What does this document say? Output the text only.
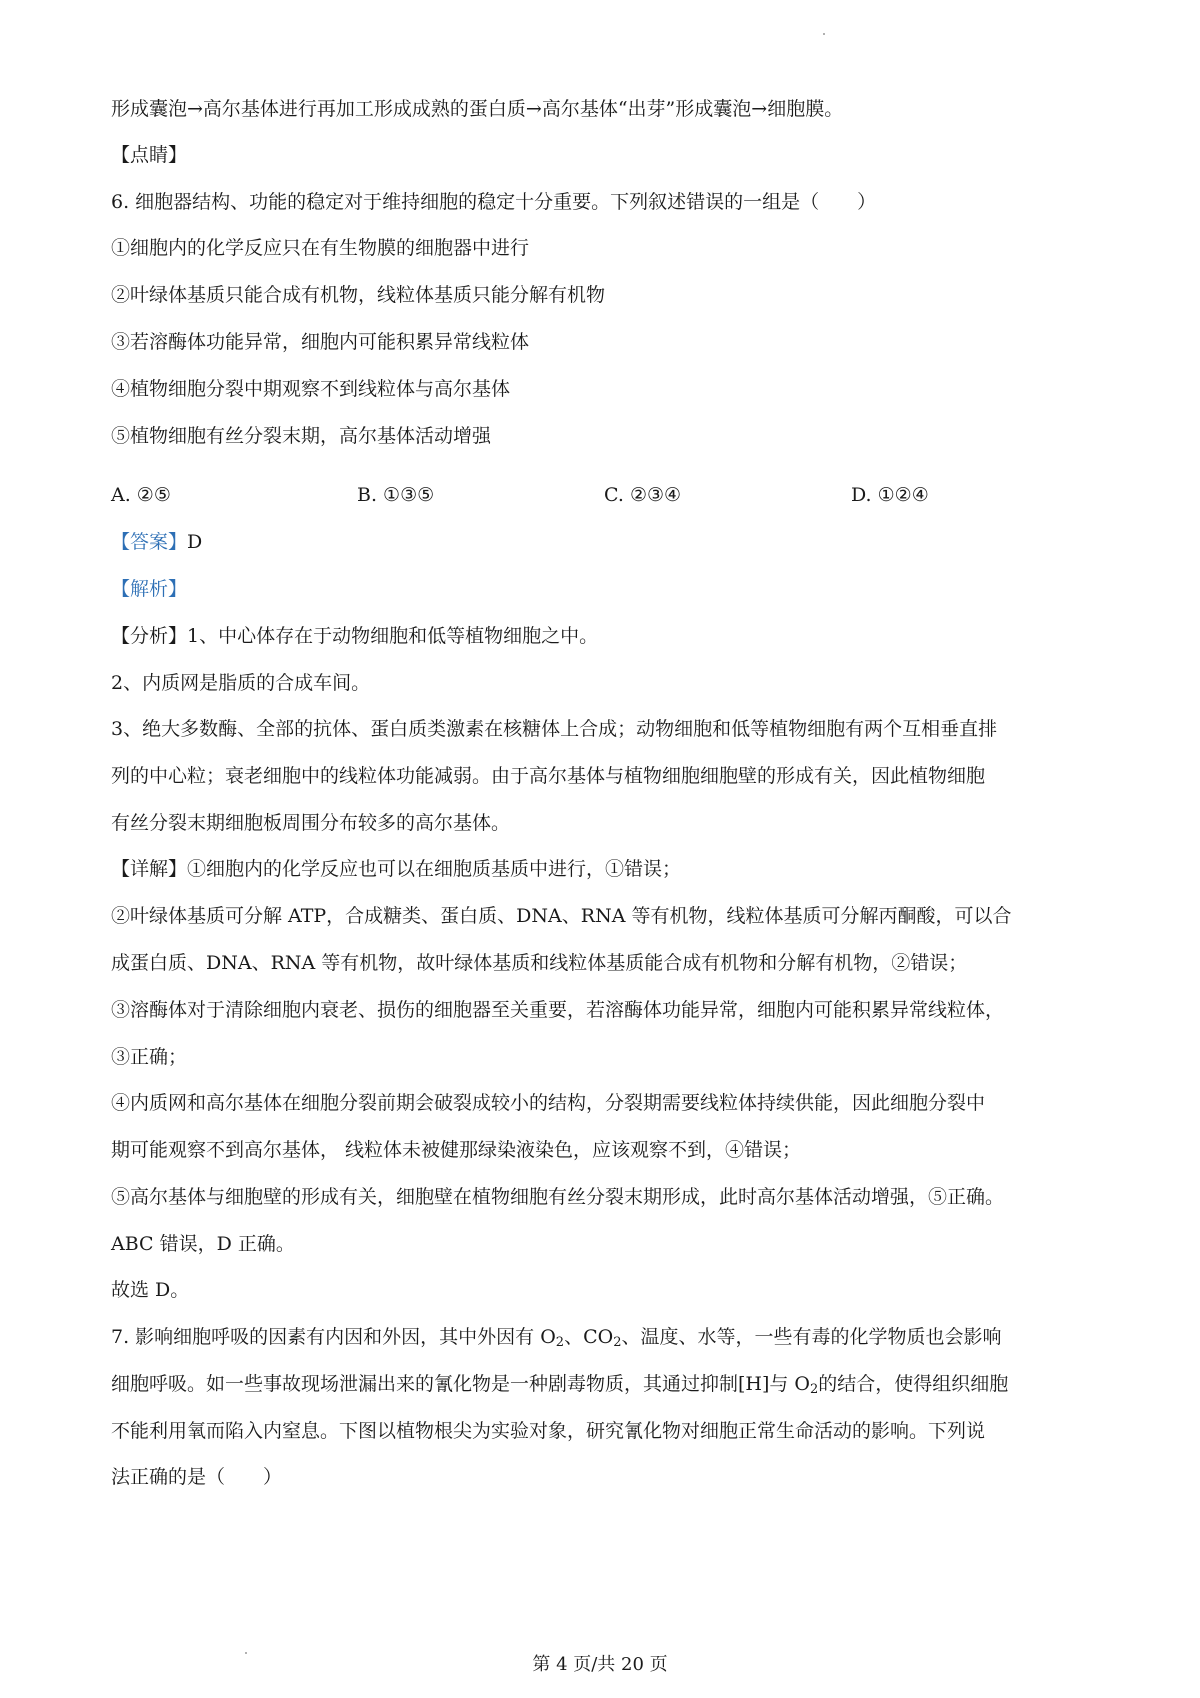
形成囊泡→高尔基体进行再加工形成成熟的蛋白质→高尔基体“出芽”形成囊泡→细胞膜。
【点睛】
6. 细胞器结构、功能的稳定对于维持细胞的稳定十分重要。下列叙述错误的一组是（　　）
①细胞内的化学反应只在有生物膜的细胞器中进行
②叶绿体基质只能合成有机物，线粒体基质只能分解有机物
③若溶酶体功能异常，细胞内可能积累异常线粒体
④植物细胞分裂中期观察不到线粒体与高尔基体
⑤植物细胞有丝分裂末期，高尔基体活动增强
A. ②⑤	B. ①③⑤	C. ②③④	D. ①②④
【答案】D
【解析】
【分析】1、中心体存在于动物细胞和低等植物细胞之中。
2、内质网是脂质的合成车间。
3、绝大多数酶、全部的抗体、蛋白质类激素在核糖体上合成；动物细胞和低等植物细胞有两个互相垂直排
列的中心粒；衰老细胞中的线粒体功能减弱。由于高尔基体与植物细胞细胞壁的形成有关，因此植物细胞
有丝分裂末期细胞板周围分布较多的高尔基体。
【详解】①细胞内的化学反应也可以在细胞质基质中进行，①错误；
②叶绿体基质可分解 ATP，合成糖类、蛋白质、DNA、RNA 等有机物，线粒体基质可分解丙酮酸，可以合
成蛋白质、DNA、RNA 等有机物，故叶绿体基质和线粒体基质能合成有机物和分解有机物，②错误；
③溶酶体对于清除细胞内衰老、损伤的细胞器至关重要，若溶酶体功能异常，细胞内可能积累异常线粒体，
③正确；
④内质网和高尔基体在细胞分裂前期会破裂成较小的结构，分裂期需要线粒体持续供能，因此细胞分裂中
期可能观察不到高尔基体， 线粒体未被健那绿染液染色，应该观察不到，④错误；
⑤高尔基体与细胞壁的形成有关，细胞壁在植物细胞有丝分裂末期形成，此时高尔基体活动增强，⑤正确。
ABC 错误，D 正确。
故选 D。
7. 影响细胞呼吸的因素有内因和外因，其中外因有 $O_2$、$CO_2$、温度、水等，一些有毒的化学物质也会影响
细胞呼吸。如一些事故现场泄漏出来的氰化物是一种剧毒物质，其通过抑制[H]与 $O_2$的结合，使得组织细胞
不能利用氧而陷入内窒息。下图以植物根尖为实验对象，研究氰化物对细胞正常生命活动的影响。下列说
法正确的是（　　）
第 4 页/共 20 页
